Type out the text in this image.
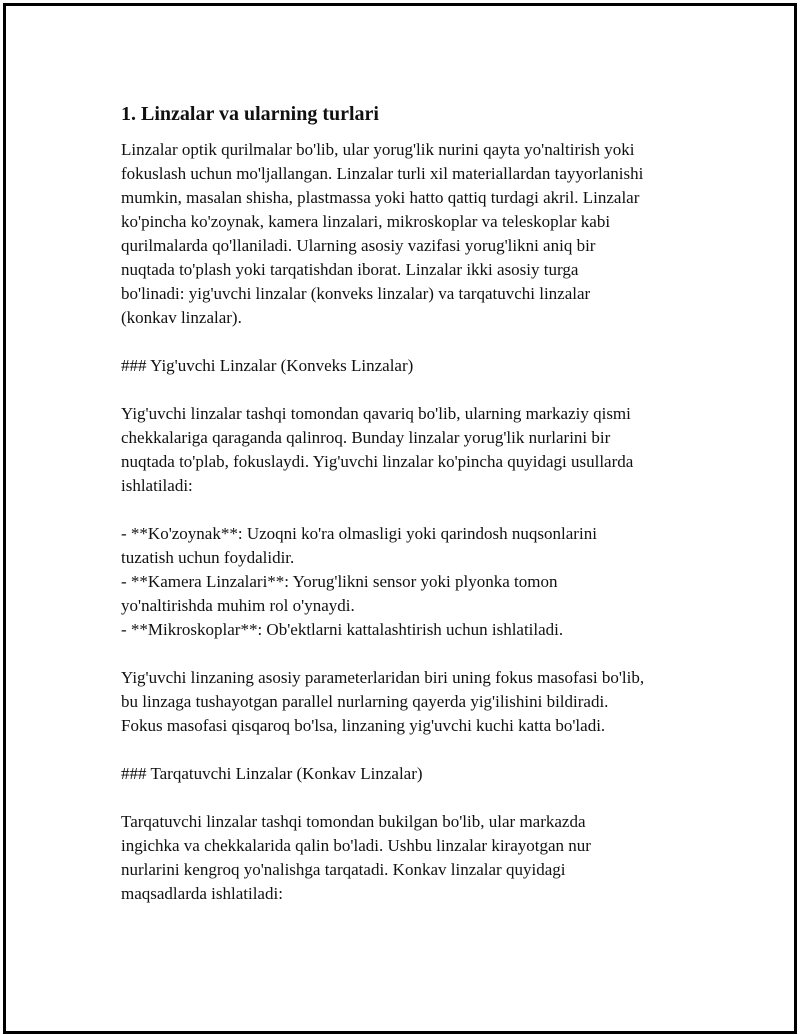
1. Linzalar va ularning turlari

Linzalar optik qurilmalar bo'lib, ular yorug'lik nurini qayta yo'naltirish yoki
fokuslash uchun mo'ljallangan. Linzalar turli xil materiallardan tayyorlanishi
mumkin, masalan shisha, plastmassa yoki hatto qattiq turdagi akril. Linzalar
ko'pincha ko'zoynak, kamera linzalari, mikroskoplar va teleskoplar kabi
qurilmalarda qo'llaniladi. Ularning asosiy vazifasi yorug'likni aniq bir
nuqtada to'plash yoki tarqatishdan iborat. Linzalar ikki asosiy turga
bo'linadi: yig'uvchi linzalar (konveks linzalar) va tarqatuvchi linzalar
(konkav linzalar).

### Yig'uvchi Linzalar (Konveks Linzalar)

Yig'uvchi linzalar tashqi tomondan qavariq bo'lib, ularning markaziy qismi
chekkalariga qaraganda qalinroq. Bunday linzalar yorug'lik nurlarini bir
nuqtada to'plab, fokuslaydi. Yig'uvchi linzalar ko'pincha quyidagi usullarda
ishlatiladi:

- **Ko'zoynak**: Uzoqni ko'ra olmasligi yoki qarindosh nuqsonlarini
tuzatish uchun foydalidir.
- **Kamera Linzalari**: Yorug'likni sensor yoki plyonka tomon
yo'naltirishda muhim rol o'ynaydi.
- **Mikroskoplar**: Ob'ektlarni kattalashtirish uchun ishlatiladi.

Yig'uvchi linzaning asosiy parameterlaridan biri uning fokus masofasi bo'lib,
bu linzaga tushayotgan parallel nurlarning qayerda yig'ilishini bildiradi.
Fokus masofasi qisqaroq bo'lsa, linzaning yig'uvchi kuchi katta bo'ladi.

### Tarqatuvchi Linzalar (Konkav Linzalar)

Tarqatuvchi linzalar tashqi tomondan bukilgan bo'lib, ular markazda
ingichka va chekkalarida qalin bo'ladi. Ushbu linzalar kirayotgan nur
nurlarini kengroq yo'nalishga tarqatadi. Konkav linzalar quyidagi
maqsadlarda ishlatiladi:
